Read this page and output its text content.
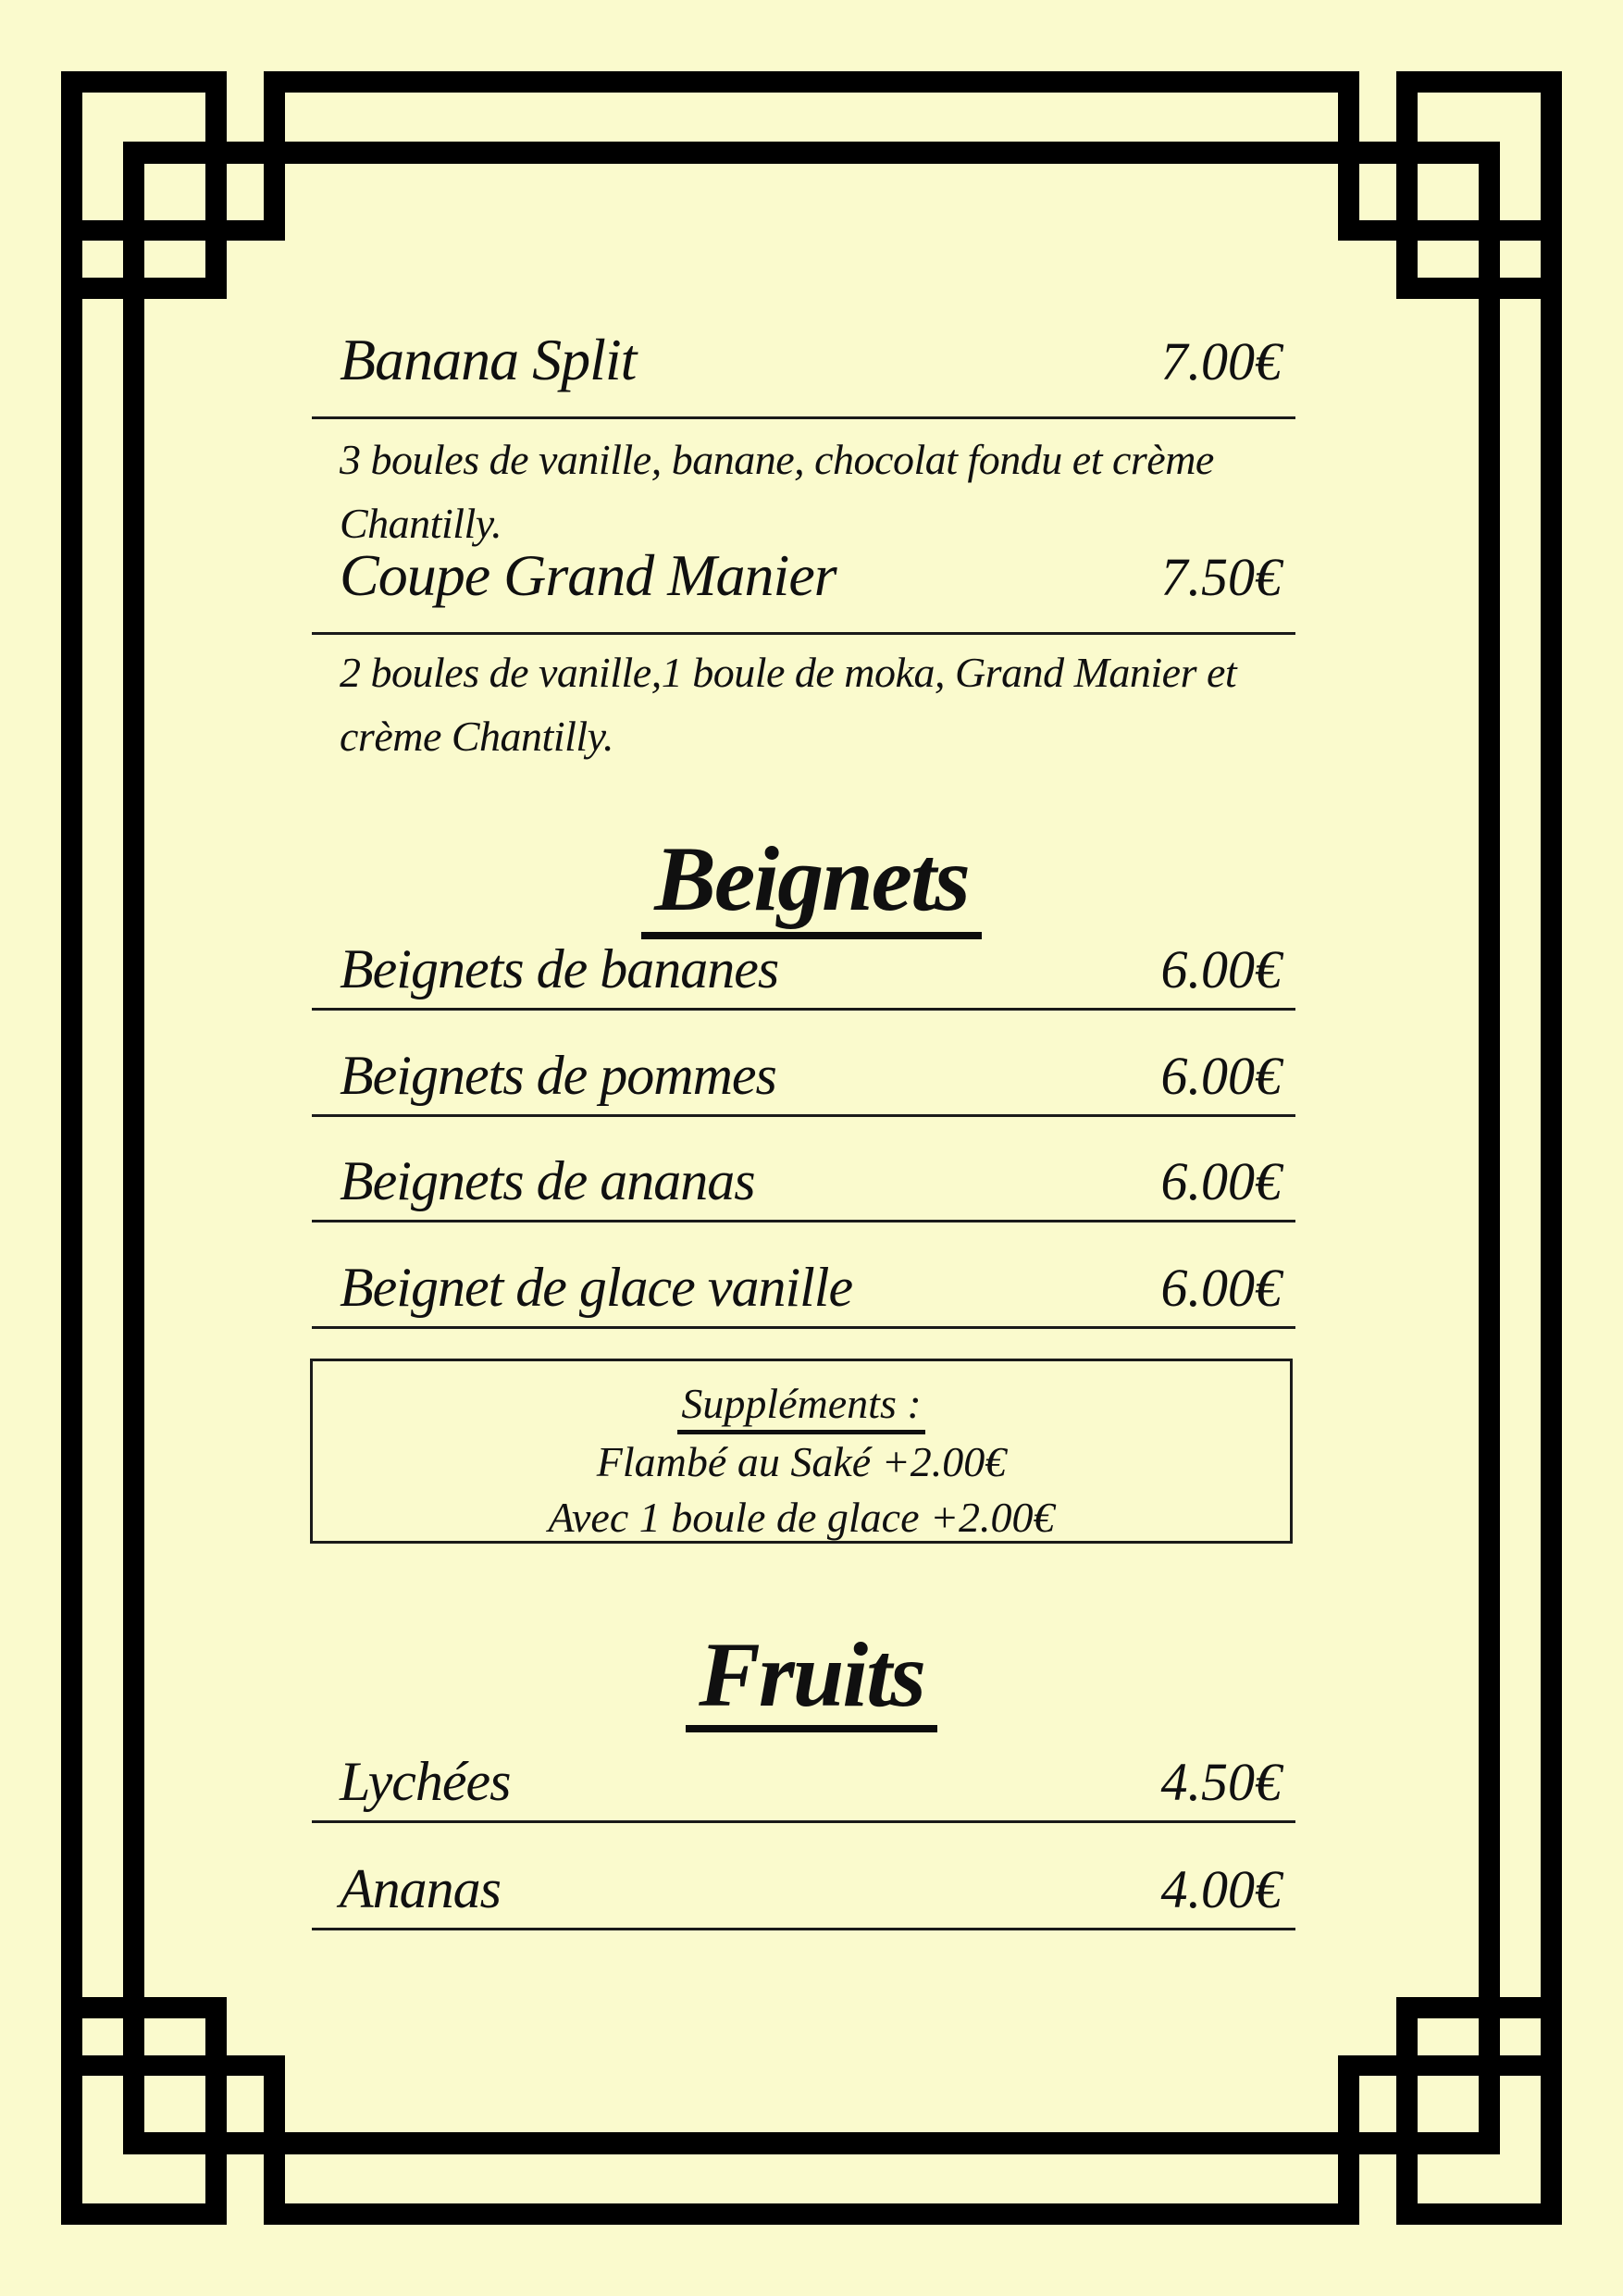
Banana Split	7.00€
3 boules de vanille, banane, chocolat fondu et crème
Chantilly.
Coupe Grand Manier	7.50€
2 boules de vanille,1 boule de moka, Grand Manier et
crème Chantilly.
Beignets
Beignets de bananes	6.00€
Beignets de pommes	6.00€
Beignets de ananas	6.00€
Beignet de glace vanille	6.00€
Suppléments :
Flambé au Saké +2.00€
Avec 1 boule de glace +2.00€
Fruits
Lychées	4.50€
Ananas	4.00€
